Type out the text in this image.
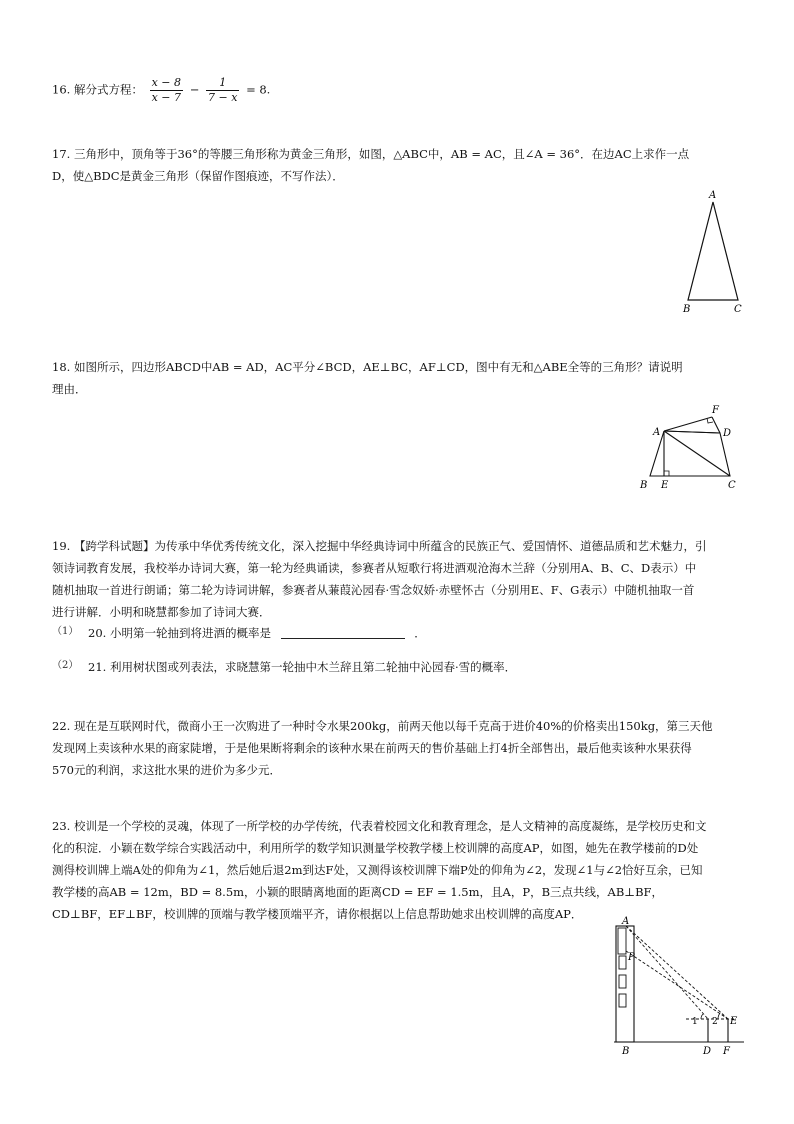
16. 解分式方程： $\frac{x - 8}{x - 7} - \frac{1}{7 - x} = 8$.
17. 三角形中，顶角等于36°的等腰三角形称为黄金三角形，如图，△ABC中，AB = AC，且∠A = 36°．在边AC上求作一点
D，使△BDC是黄金三角形（保留作图痕迹，不写作法）．
A
B	C
18. 如图所示，四边形ABCD中AB = AD，AC平分∠BCD，AE⊥BC，AF⊥CD，图中有无和△ABE全等的三角形？请说明
理由．
A
B E	C
D
F
19. 【跨学科试题】为传承中华优秀传统文化，深入挖掘中华经典诗词中所蕴含的民族正气、爱国情怀、道德品质和艺术魅力，引
领诗词教育发展，我校举办诗词大赛，第一轮为经典诵读，参赛者从短歌行将进酒观沧海木兰辞（分别用A、B、C、D表示）中
随机抽取一首进行朗诵；第二轮为诗词讲解，参赛者从蒹葭沁园春·雪念奴娇·赤壁怀古（分别用E、F、G表示）中随机抽取一首
进行讲解．小明和晓慧都参加了诗词大赛．
（1） 20. 小明第一轮抽到将进酒的概率是	．
（2） 21. 利用树状图或列表法，求晓慧第一轮抽中木兰辞且第二轮抽中沁园春·雪的概率．
22. 现在是互联网时代，微商小王一次购进了一种时令水果200kg，前两天他以每千克高于进价40%的价格卖出150kg，第三天他
发现网上卖该种水果的商家陡增，于是他果断将剩余的该种水果在前两天的售价基础上打4折全部售出，最后他卖该种水果获得
570元的利润，求这批水果的进价为多少元．
23. 校训是一个学校的灵魂，体现了一所学校的办学传统，代表着校园文化和教育理念，是人文精神的高度凝练，是学校历史和文
化的积淀．小颖在数学综合实践活动中，利用所学的数学知识测量学校教学楼上校训牌的高度AP，如图，她先在教学楼前的D处
测得校训牌上端A处的仰角为∠1，然后她后退2m到达F处，又测得该校训牌下端P处的仰角为∠2，发现∠1与∠2恰好互余，已知
教学楼的高AB = 12m，BD = 8.5m，小颖的眼睛离地面的距离CD = EF = 1.5m，且A，P，B三点共线，AB⊥BF，
CD⊥BF，EF⊥BF，校训牌的顶端与教学楼顶端平齐，请你根据以上信息帮助她求出校训牌的高度AP．
A
P
B	D F
E
1 2
